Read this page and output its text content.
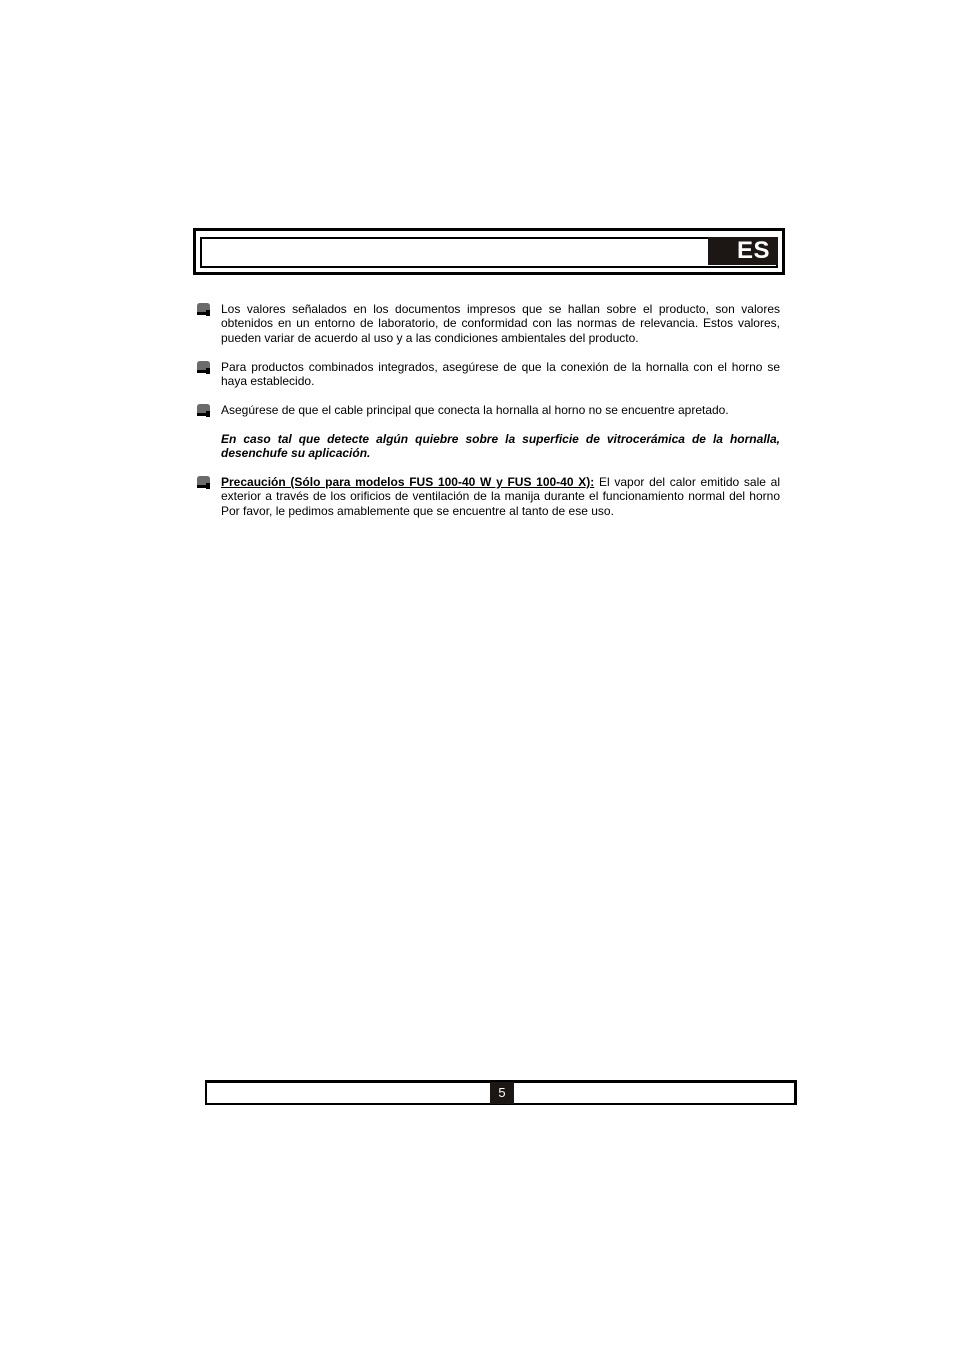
ES
Los valores señalados en los documentos impresos que se hallan sobre el producto, son valores obtenidos en un entorno de laboratorio, de conformidad con las normas de relevancia. Estos valores, pueden variar de acuerdo al uso y a las condiciones ambientales del producto.
Para productos combinados integrados, asegúrese de que la conexión de la hornalla con el horno se haya establecido.
Asegúrese de que el cable principal que conecta la hornalla al horno no se encuentre apretado.
En caso tal que detecte algún quiebre sobre la superficie de vitrocerámica de la hornalla, desenchufe su aplicación.
Precaución (Sólo para modelos FUS 100-40 W y FUS 100-40 X): El vapor del calor emitido sale al exterior a través de los orificios de ventilación de la manija durante el funcionamiento normal del horno Por favor, le pedimos amablemente que se encuentre al tanto de ese uso.
5
